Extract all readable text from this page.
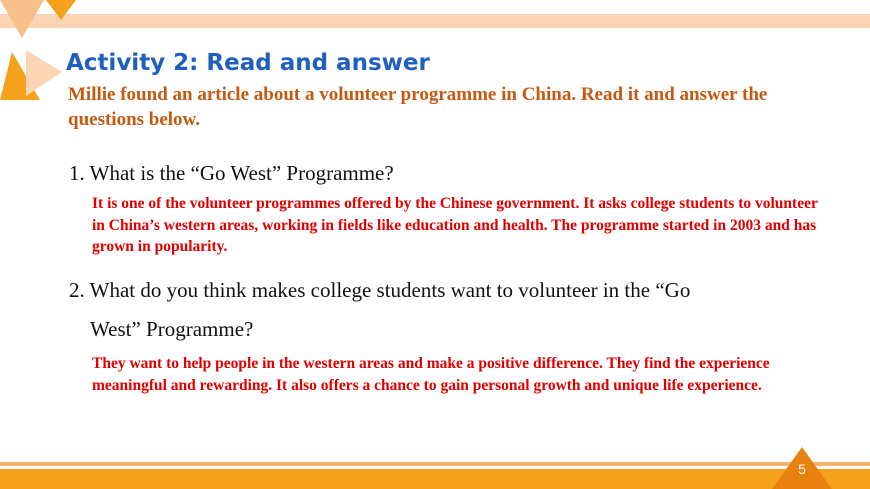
Activity 2: Read and answer
Millie found an article about a volunteer programme in China. Read it and answer the questions below.
1. What is the “Go West” Programme?
It is one of the volunteer programmes offered by the Chinese government. It asks college students to volunteer in China’s western areas, working in fields like education and health. The programme started in 2003 and has grown in popularity.
2. What do you think makes college students want to volunteer in the “Go
West” Programme?
They want to help people in the western areas and make a positive difference. They find the experience meaningful and rewarding. It also offers a chance to gain personal growth and unique life experience.
5
